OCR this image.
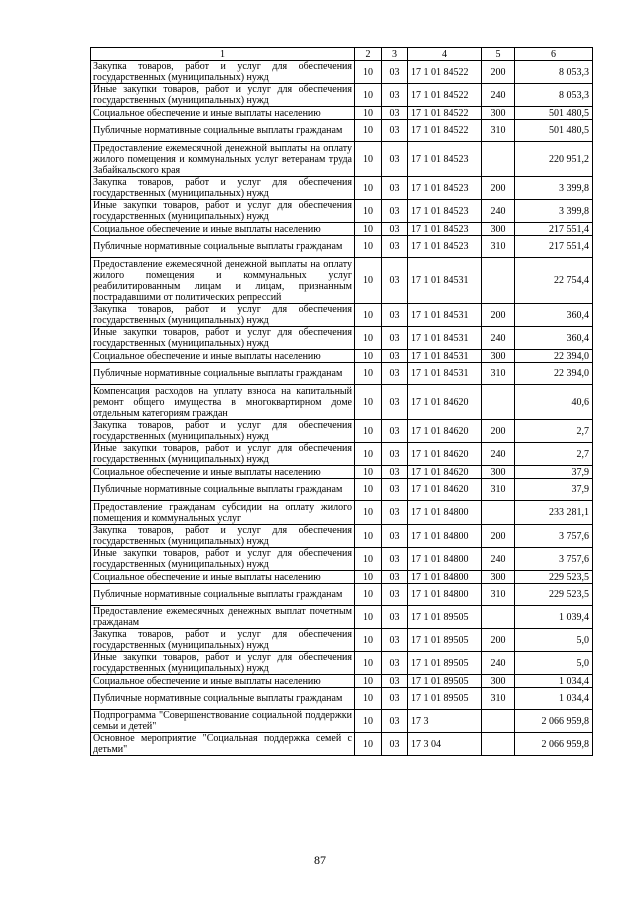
1	2	3	4	5	6
Закупка товаров, работ и услуг для обеспечения государственных (муниципальных) нужд	10	03	17 1 01 84522	200	8 053,3
Иные закупки товаров, работ и услуг для обеспечения государственных (муниципальных) нужд	10	03	17 1 01 84522	240	8 053,3
Социальное обеспечение и иные выплаты населению	10	03	17 1 01 84522	300	501 480,5
Публичные нормативные социальные выплаты гражданам	10	03	17 1 01 84522	310	501 480,5
Предоставление ежемесячной денежной выплаты на оплату жилого помещения и коммунальных услуг ветеранам труда Забайкальского края	10	03	17 1 01 84523		220 951,2
Закупка товаров, работ и услуг для обеспечения государственных (муниципальных) нужд	10	03	17 1 01 84523	200	3 399,8
Иные закупки товаров, работ и услуг для обеспечения государственных (муниципальных) нужд	10	03	17 1 01 84523	240	3 399,8
Социальное обеспечение и иные выплаты населению	10	03	17 1 01 84523	300	217 551,4
Публичные нормативные социальные выплаты гражданам	10	03	17 1 01 84523	310	217 551,4
Предоставление ежемесячной денежной выплаты на оплату жилого помещения и коммунальных услуг реабилитированным лицам и лицам, признанным пострадавшими от политических репрессий	10	03	17 1 01 84531		22 754,4
Закупка товаров, работ и услуг для обеспечения государственных (муниципальных) нужд	10	03	17 1 01 84531	200	360,4
Иные закупки товаров, работ и услуг для обеспечения государственных (муниципальных) нужд	10	03	17 1 01 84531	240	360,4
Социальное обеспечение и иные выплаты населению	10	03	17 1 01 84531	300	22 394,0
Публичные нормативные социальные выплаты гражданам	10	03	17 1 01 84531	310	22 394,0
Компенсация расходов на уплату взноса на капитальный ремонт общего имущества в многоквартирном доме отдельным категориям граждан	10	03	17 1 01 84620		40,6
Закупка товаров, работ и услуг для обеспечения государственных (муниципальных) нужд	10	03	17 1 01 84620	200	2,7
Иные закупки товаров, работ и услуг для обеспечения государственных (муниципальных) нужд	10	03	17 1 01 84620	240	2,7
Социальное обеспечение и иные выплаты населению	10	03	17 1 01 84620	300	37,9
Публичные нормативные социальные выплаты гражданам	10	03	17 1 01 84620	310	37,9
Предоставление гражданам субсидии на оплату жилого помещения и коммунальных услуг	10	03	17 1 01 84800		233 281,1
Закупка товаров, работ и услуг для обеспечения государственных (муниципальных) нужд	10	03	17 1 01 84800	200	3 757,6
Иные закупки товаров, работ и услуг для обеспечения государственных (муниципальных) нужд	10	03	17 1 01 84800	240	3 757,6
Социальное обеспечение и иные выплаты населению	10	03	17 1 01 84800	300	229 523,5
Публичные нормативные социальные выплаты гражданам	10	03	17 1 01 84800	310	229 523,5
Предоставление ежемесячных денежных выплат почетным гражданам	10	03	17 1 01 89505		1 039,4
Закупка товаров, работ и услуг для обеспечения государственных (муниципальных) нужд	10	03	17 1 01 89505	200	5,0
Иные закупки товаров, работ и услуг для обеспечения государственных (муниципальных) нужд	10	03	17 1 01 89505	240	5,0
Социальное обеспечение и иные выплаты населению	10	03	17 1 01 89505	300	1 034,4
Публичные нормативные социальные выплаты гражданам	10	03	17 1 01 89505	310	1 034,4
Подпрограмма "Совершенствование социальной поддержки семьи и детей"	10	03	17 3		2 066 959,8
Основное мероприятие "Социальная поддержка семей с детьми"	10	03	17 3 04		2 066 959,8
87
